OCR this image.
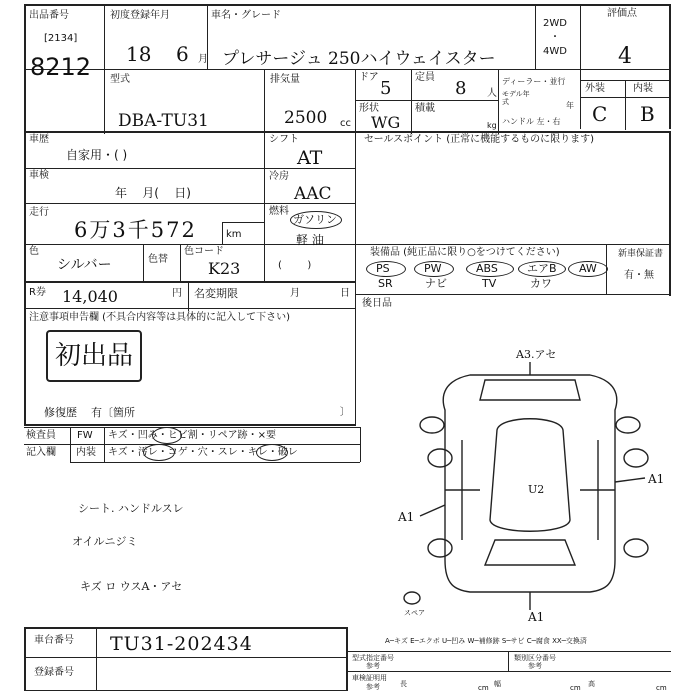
出品番号
[2134]
8212
初度登録年月
18 6 月
車名・グレード
プレサージュ 250ハイウェイスター
2WD
・
4WD
評価点
4
外装	内装
C B
型式
DBA-TU31
排気量
2500 cc
ドア
5
定員
8 人
形状
WG
積載
kg
ディーラー・並行
モデル年式	年
ハンドル 左・右
車歴
自家用・( )
車検
年    月(    日)
走行
6万3千572	km
色
シルバー	色替
色コード
K23
シフト
AT
冷房
AAC
燃料
ガソリン
軽 油
(        )
セールスポイント (正常に機能するものに限ります)
装備品 (純正品に限り○をつけてください)
PS	PW	ABS	エアB AW
SR	ナビ	TV	カワ
新車保証書
有・無
R券 14,040	円 名変期限	月	日
後日品
注意事項申告欄 (不具合内容等は具体的に記入して下さい)
初出品
修復歴    有〔箇所	〕
検査員
記入欄
FW キズ・凹み・ヒビ割・リペア跡・×要
内装 キズ・汚レ・コゲ・穴・スレ・キレ・破レ
シート. ハンドルスレ
オイルニジミ
キズ ロ ウスA・アセ
A3.アセ
U2
A1
A1
A1
スペア
A─キズ E─エクボ U─凹み W─補修跡 S─サビ C─腐食 XX─交換済
車台番号 TU31-202434
登録番号
型式指定番号
参考
類別区分番号
参考
車検証明用
参考	長	cm 幅	cm 高	cm
